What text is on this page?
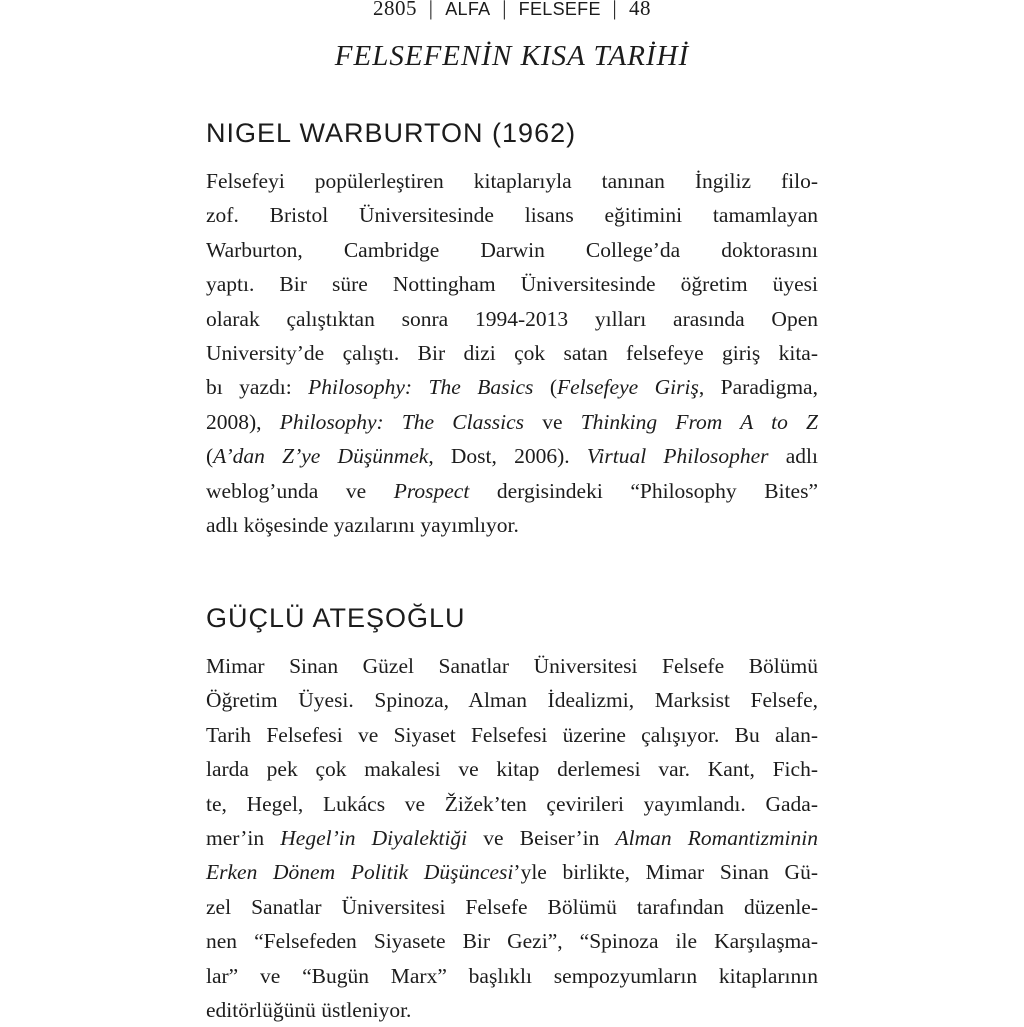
2805 | ALFA | FELSEFE | 48
FELSEFENİN KISA TARİHİ
NIGEL WARBURTON (1962)
Felsefeyi popülerleştiren kitaplarıyla tanınan İngiliz filo-
zof. Bristol Üniversitesinde lisans eğitimini tamamlayan
Warburton, Cambridge Darwin College’da doktorasını
yaptı. Bir süre Nottingham Üniversitesinde öğretim üyesi
olarak çalıştıktan sonra 1994-2013 yılları arasında Open
University’de çalıştı. Bir dizi çok satan felsefeye giriş kita-
bı yazdı: Philosophy: The Basics (Felsefeye Giriş, Paradigma,
2008), Philosophy: The Classics ve Thinking From A to Z
(A’dan Z’ye Düşünmek, Dost, 2006). Virtual Philosopher adlı
weblog’unda ve Prospect dergisindeki “Philosophy Bites”
adlı köşesinde yazılarını yayımlıyor.
GÜÇLÜ ATEŞOĞLU
Mimar Sinan Güzel Sanatlar Üniversitesi Felsefe Bölümü
Öğretim Üyesi. Spinoza, Alman İdealizmi, Marksist Felsefe,
Tarih Felsefesi ve Siyaset Felsefesi üzerine çalışıyor. Bu alan-
larda pek çok makalesi ve kitap derlemesi var. Kant, Fich-
te, Hegel, Lukács ve Žižek’ten çevirileri yayımlandı. Gada-
mer’in Hegel’in Diyalektiği ve Beiser’in Alman Romantizminin
Erken Dönem Politik Düşüncesi’yle birlikte, Mimar Sinan Gü-
zel Sanatlar Üniversitesi Felsefe Bölümü tarafından düzenle-
nen “Felsefeden Siyasete Bir Gezi”, “Spinoza ile Karşılaşma-
lar” ve “Bugün Marx” başlıklı sempozyumların kitaplarının
editörlüğünü üstleniyor.
